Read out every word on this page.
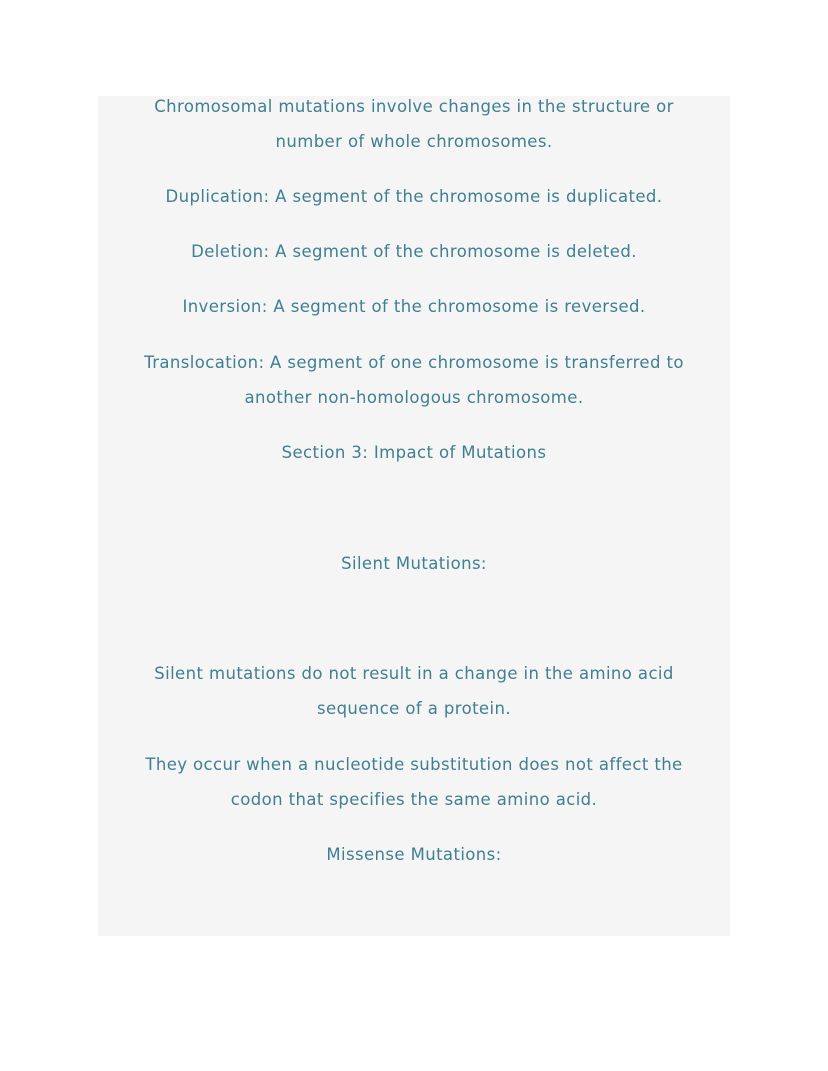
Chromosomal mutations involve changes in the structure or
number of whole chromosomes.
Duplication: A segment of the chromosome is duplicated.
Deletion: A segment of the chromosome is deleted.
Inversion: A segment of the chromosome is reversed.
Translocation: A segment of one chromosome is transferred to
another non-homologous chromosome.
Section 3: Impact of Mutations
Silent Mutations:
Silent mutations do not result in a change in the amino acid
sequence of a protein.
They occur when a nucleotide substitution does not affect the
codon that specifies the same amino acid.
Missense Mutations:
